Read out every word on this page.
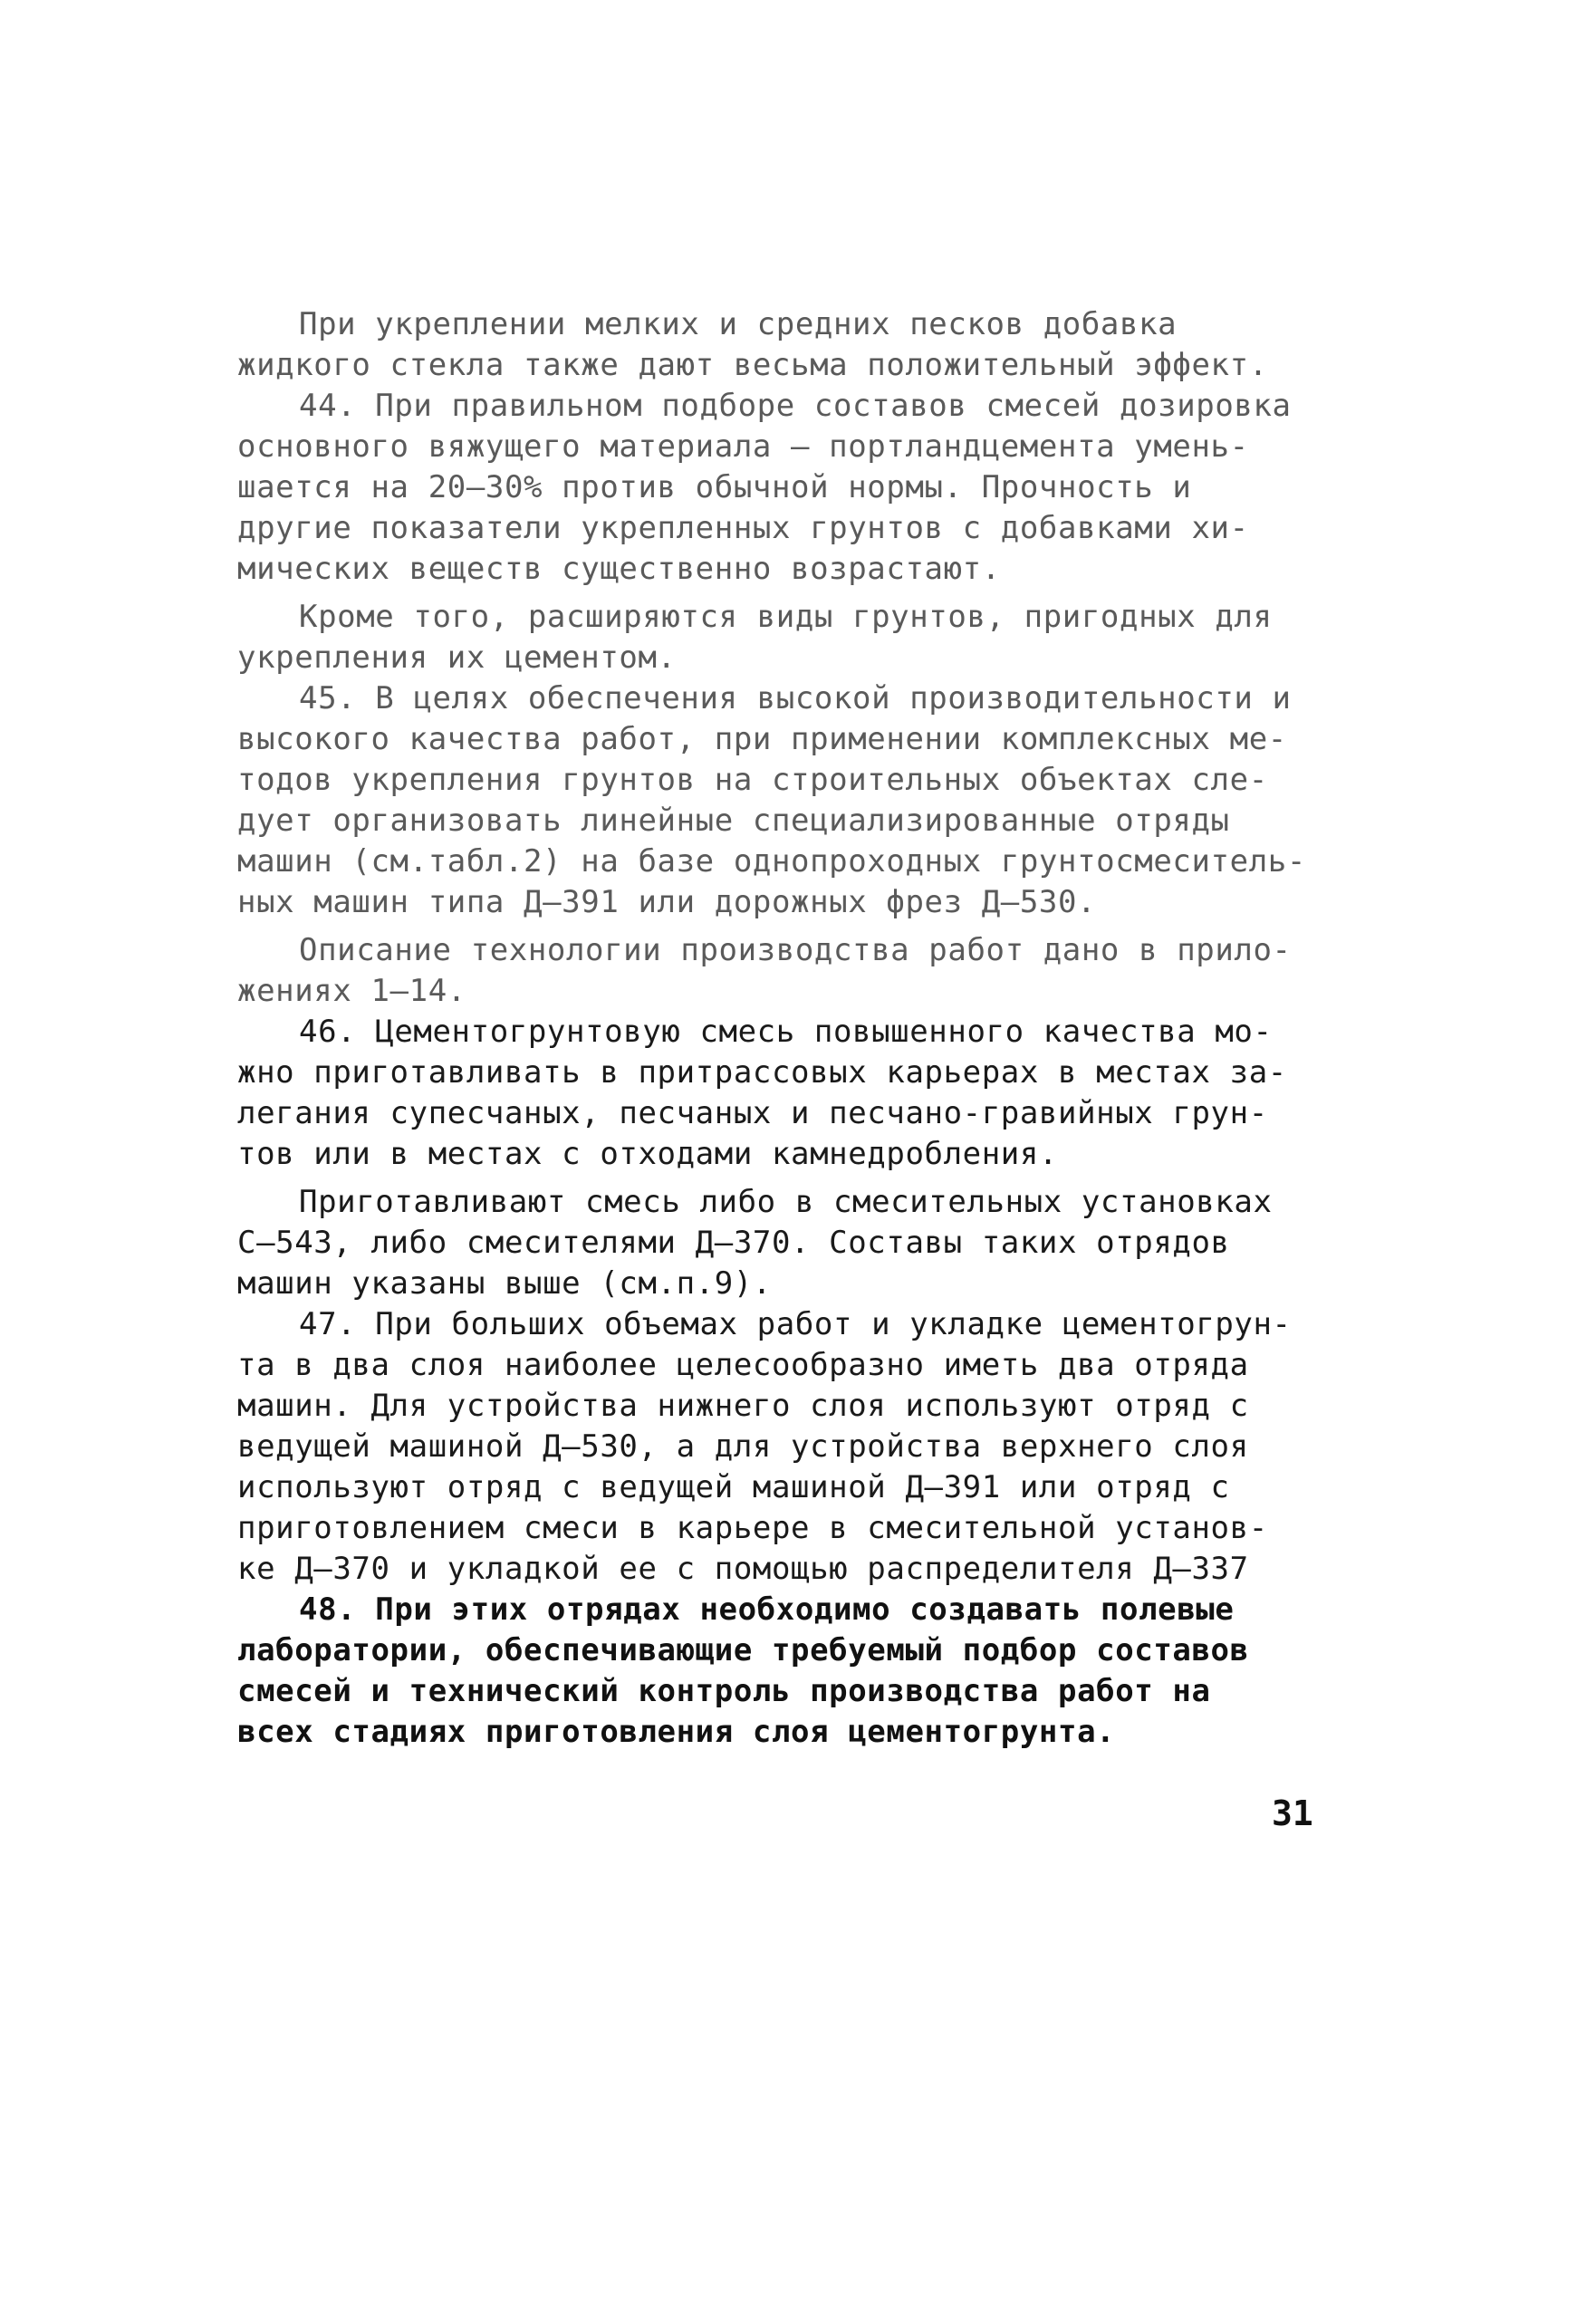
При укреплении мелких и средних песков добавка
жидкого стекла также дают весьма положительный эффект.
44. При правильном подборе составов смесей дозировка
основного вяжущего материала – портландцемента умень-
шается на 20–30% против обычной нормы. Прочность и
другие показатели укрепленных грунтов с добавками хи-
мических веществ существенно возрастают.
Кроме того, расширяются виды грунтов, пригодных для
укрепления их цементом.
45. В целях обеспечения высокой производительности и
высокого качества работ, при применении комплексных ме-
тодов укрепления грунтов на строительных объектах сле-
дует организовать линейные специализированные отряды
машин (см.табл.2) на базе однопроходных грунтосмеситель-
ных машин типа Д–391 или дорожных фрез Д–530.
Описание технологии производства работ дано в прило-
жениях 1–14.
46. Цементогрунтовую смесь повышенного качества мо-
жно приготавливать в притрассовых карьерах в местах за-
легания супесчаных, песчаных и песчано-гравийных грун-
тов или в местах с отходами камнедробления.
Приготавливают смесь либо в смесительных установках
С–543, либо смесителями Д–370. Составы таких отрядов
машин указаны выше (см.п.9).
47. При больших объемах работ и укладке цементогрун-
та в два слоя наиболее целесообразно иметь два отряда
машин. Для устройства нижнего слоя используют отряд с
ведущей машиной Д–530, а для устройства верхнего слоя
используют отряд с ведущей машиной Д–391 или отряд с
приготовлением смеси в карьере в смесительной установ-
ке Д–370 и укладкой ее с помощью распределителя Д–337
48. При этих отрядах необходимо создавать полевые
лаборатории, обеспечивающие требуемый подбор составов
смесей и технический контроль производства работ на
всех стадиях приготовления слоя цементогрунта.
31
